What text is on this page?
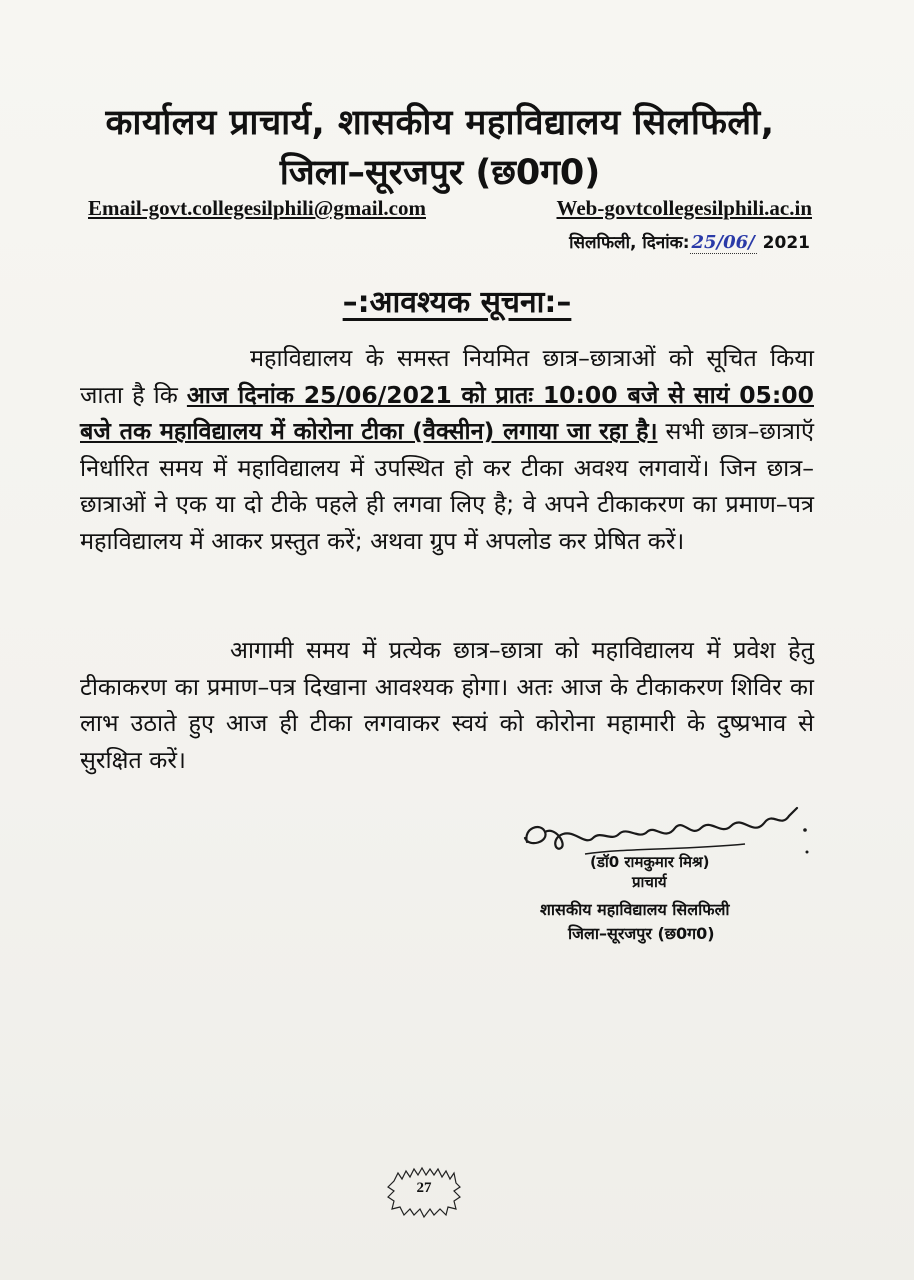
कार्यालय प्राचार्य, शासकीय महाविद्यालय सिलफिली,
जिला–सूरजपुर (छ0ग0)
Email-govt.collegesilphili@gmail.com	Web-govtcollegesilphili.ac.in
सिलफिली, दिनांक: 25/06/ 2021
–:आवश्यक सूचना:–
महाविद्यालय के समस्त नियमित छात्र–छात्राओं को सूचित किया जाता है कि आज दिनांक 25/06/2021 को प्रातः 10:00 बजे से सायं 05:00 बजे तक महाविद्यालय में कोरोना टीका (वैक्सीन) लगाया जा रहा है। सभी छात्र–छात्राऍ निर्धारित समय में महाविद्यालय में उपस्थित हो कर टीका अवश्य लगवायें। जिन छात्र–छात्राओं ने एक या दो टीके पहले ही लगवा लिए है; वे अपने टीकाकरण का प्रमाण–पत्र महाविद्यालय में आकर प्रस्तुत करें; अथवा ग्रुप में अपलोड कर प्रेषित करें।
आगामी समय में प्रत्येक छात्र–छात्रा को महाविद्यालय में प्रवेश हेतु टीकाकरण का प्रमाण–पत्र दिखाना आवश्यक होगा। अतः आज के टीकाकरण शिविर का लाभ उठाते हुए आज ही टीका लगवाकर स्वयं को कोरोना महामारी के दुष्प्रभाव से सुरक्षित करें।
(डॉ0 रामकुमार मिश्र)
प्राचार्य
शासकीय महाविद्यालय सिलफिली
जिला–सूरजपुर (छ0ग0)
27
